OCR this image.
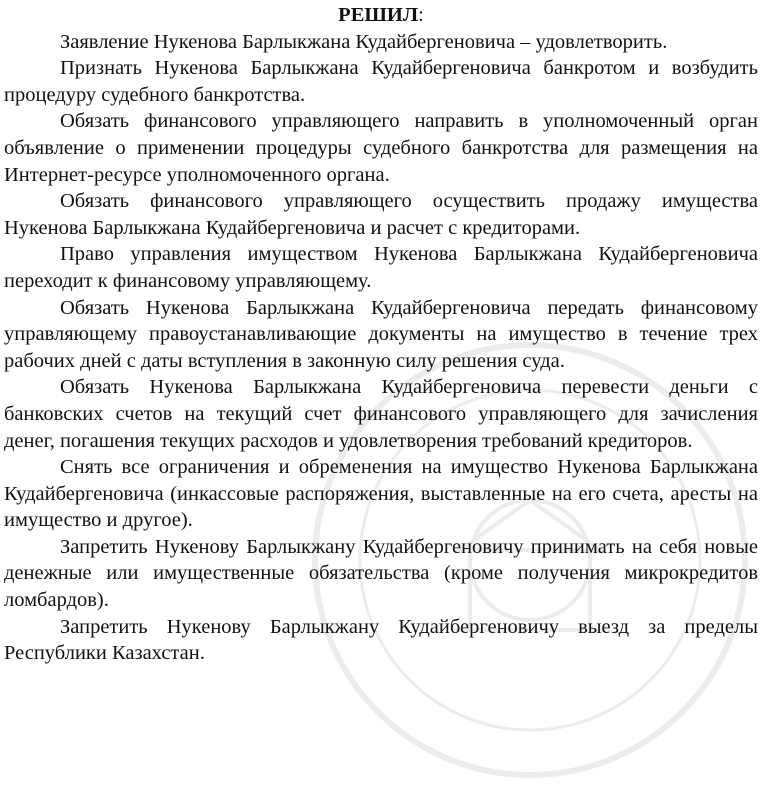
РЕШИЛ:

Заявление Нукенова Барлыкжана Кудайбергеновича – удовлетворить.

Признать Нукенова Барлыкжана Кудайбергеновича банкротом и возбудить процедуру судебного банкротства.

Обязать финансового управляющего направить в уполномоченный орган объявление о применении процедуры судебного банкротства для размещения на Интернет-ресурсе уполномоченного органа.

Обязать финансового управляющего осуществить продажу имущества Нукенова Барлыкжана Кудайбергеновича и расчет с кредиторами.

Право управления имуществом Нукенова Барлыкжана Кудайбергеновича переходит к финансовому управляющему.

Обязать Нукенова Барлыкжана Кудайбергеновича передать финансовому управляющему правоустанавливающие документы на имущество в течение трех рабочих дней с даты вступления в законную силу решения суда.

Обязать Нукенова Барлыкжана Кудайбергеновича перевести деньги с банковских счетов на текущий счет финансового управляющего для зачисления денег, погашения текущих расходов и удовлетворения требований кредиторов.

Снять все ограничения и обременения на имущество Нукенова Барлыкжана Кудайбергеновича (инкассовые распоряжения, выставленные на его счета, аресты на имущество и другое).

Запретить Нукенову Барлыкжану Кудайбергеновичу принимать на себя новые денежные или имущественные обязательства (кроме получения микрокредитов ломбардов).

Запретить Нукенову Барлыкжану Кудайбергеновичу выезд за пределы Республики Казахстан.
